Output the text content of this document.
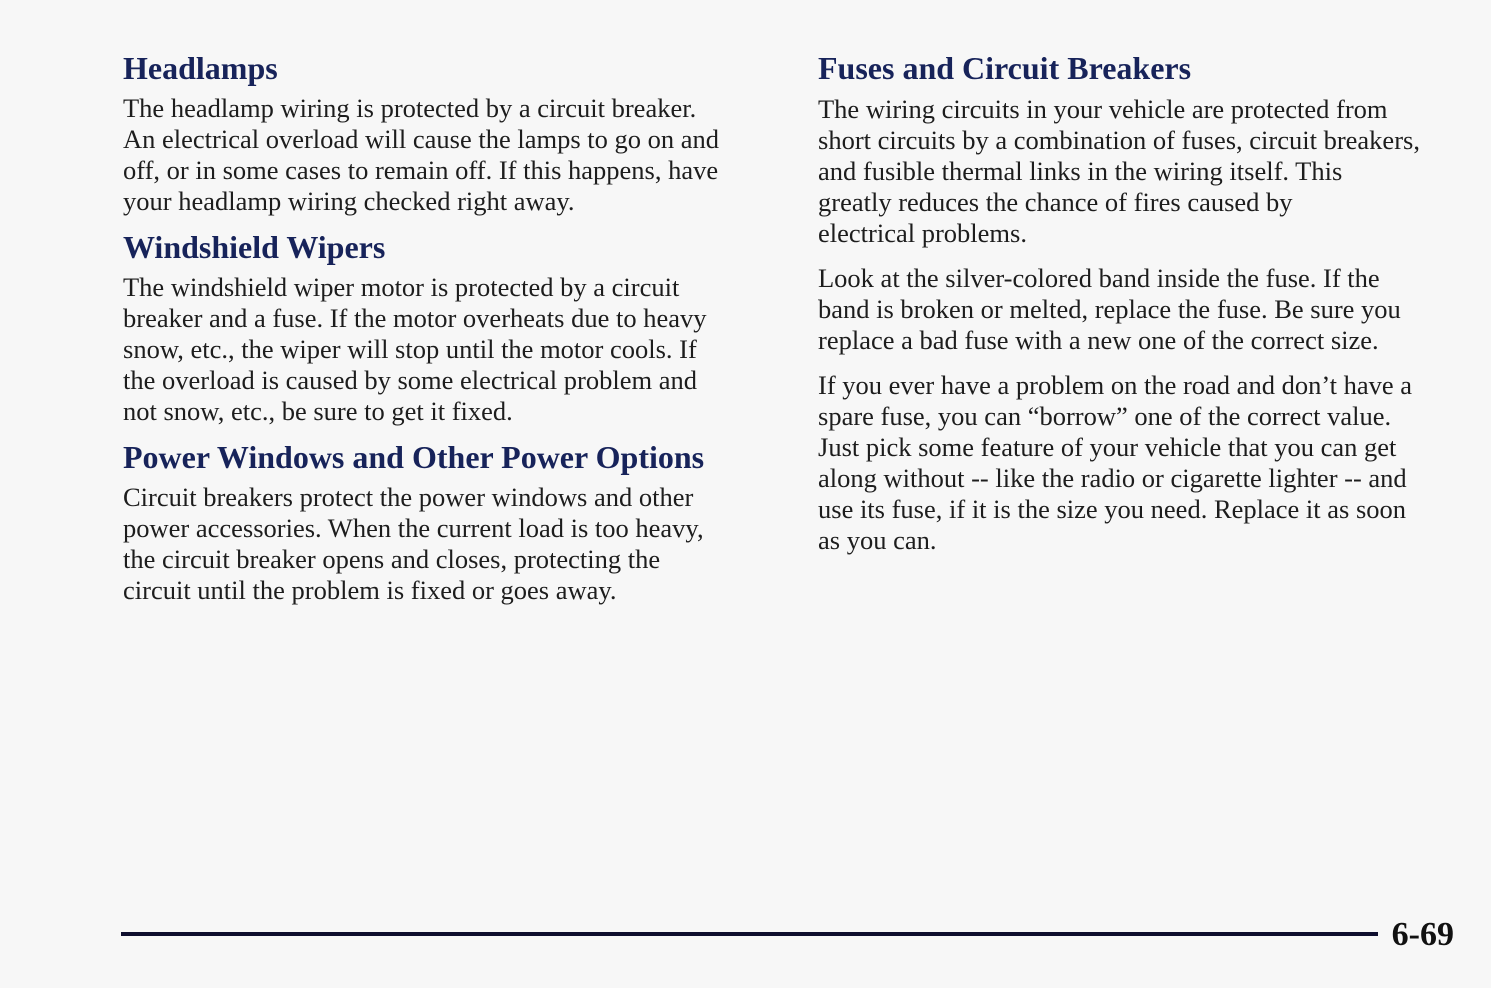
Headlamps

The headlamp wiring is protected by a circuit breaker.
An electrical overload will cause the lamps to go on and
off, or in some cases to remain off. If this happens, have
your headlamp wiring checked right away.

Windshield Wipers

The windshield wiper motor is protected by a circuit
breaker and a fuse. If the motor overheats due to heavy
snow, etc., the wiper will stop until the motor cools. If
the overload is caused by some electrical problem and
not snow, etc., be sure to get it fixed.

Power Windows and Other Power Options

Circuit breakers protect the power windows and other
power accessories. When the current load is too heavy,
the circuit breaker opens and closes, protecting the
circuit until the problem is fixed or goes away.

Fuses and Circuit Breakers

The wiring circuits in your vehicle are protected from
short circuits by a combination of fuses, circuit breakers,
and fusible thermal links in the wiring itself. This
greatly reduces the chance of fires caused by
electrical problems.

Look at the silver-colored band inside the fuse. If the
band is broken or melted, replace the fuse. Be sure you
replace a bad fuse with a new one of the correct size.

If you ever have a problem on the road and don’t have a
spare fuse, you can “borrow” one of the correct value.
Just pick some feature of your vehicle that you can get
along without -- like the radio or cigarette lighter -- and
use its fuse, if it is the size you need. Replace it as soon
as you can.

6-69
